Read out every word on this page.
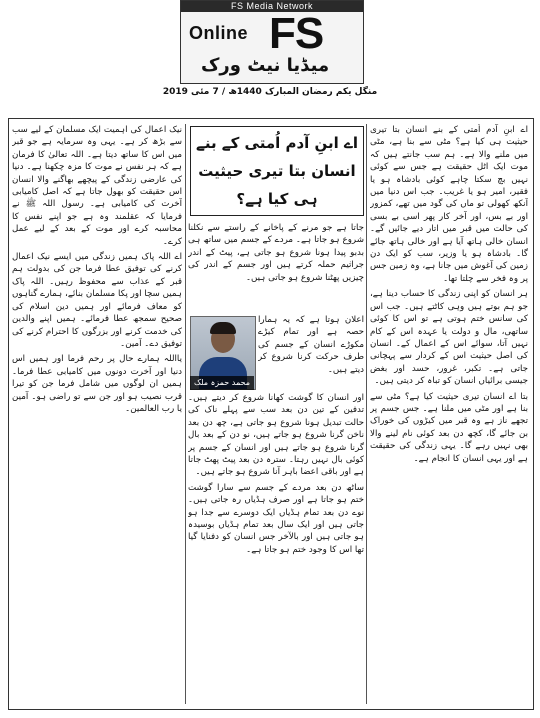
FS Media Network
Online FS
میڈیا نیٹ ورک
منگل یکم رمضان المبارک 1440ھ / 7 مئی 2019

اے ابنِ آدم اُمتی کے بنے انسان بتا تیری حیثیت ہی کیا ہے؟ مٹی سے بنا ہے، مٹی میں ملنے والا ہے۔ ہم سب جانتے ہیں کہ موت ایک اٹل حقیقت ہے جس سے کوئی نہیں بچ سکتا چاہے کوئی بادشاہ ہو یا فقیر، امیر ہو یا غریب۔ جب اس دنیا میں آنکھ کھولی تو ماں کی گود میں تھے، کمزور اور بے بس، اور آخر کار پھر اسی بے بسی کی حالت میں قبر میں اتار دیے جائیں گے۔ انسان خالی ہاتھ آیا ہے اور خالی ہاتھ جائے گا۔ بادشاہ ہو یا وزیر، سب کو ایک دن زمین کی آغوش میں جانا ہے، وہ زمین جس پر وہ فخر سے چلتا تھا۔

ہر انسان کو اپنی زندگی کا حساب دینا ہے، جو ہم بوتے ہیں وہی کاٹتے ہیں۔ جب اس کی سانس ختم ہوتی ہے تو اس کا کوئی ساتھی، مال و دولت یا عہدہ اس کے کام نہیں آتا، سوائے اس کے اعمال کے۔ انسان کی اصل حیثیت اس کے کردار سے پہچانی جاتی ہے۔ تکبر، غرور، حسد اور بغض جیسی برائیاں انسان کو تباہ کر دیتی ہیں۔

بتا اے انسان تیری حیثیت کیا ہے؟ مٹی سے بنا ہے اور مٹی میں ملنا ہے۔ جس جسم پر تجھے ناز ہے وہ قبر میں کیڑوں کی خوراک بن جائے گا، کچھ دن بعد کوئی نام لینے والا بھی نہیں رہے گا۔ یہی زندگی کی حقیقت ہے اور یہی انسان کا انجام ہے۔

اے ابنِ آدم اُمتی کے بنے انسان بتا تیری حیثیت ہی کیا ہے؟
جاتا ہے جو مرنے کے پاخانے کے راستے سے نکلنا شروع ہو جاتا ہے۔ مردے کے جسم میں ساتھ ہی بدبو پیدا ہونا شروع ہو جاتی ہے، پیٹ کے اندر جراثیم حملہ کرتے ہیں اور جسم کے اندر کی چیزیں پھٹنا شروع ہو جاتی ہیں۔
محمد حمزہ ملک
اعلان ہوتا ہے کہ یہ ہمارا حصہ ہے اور تمام کیڑے مکوڑے انسان کے جسم کی طرف حرکت کرنا شروع کر دیتے ہیں۔

اور انسان کا گوشت کھانا شروع کر دیتے ہیں۔ تدفین کے تین دن بعد سب سے پہلے ناک کی حالت تبدیل ہونا شروع ہو جاتی ہے، چھ دن بعد ناخن گرنا شروع ہو جاتے ہیں، نو دن کے بعد بال گرنا شروع ہو جاتے ہیں اور انسان کے جسم پر کوئی بال نہیں رہتا۔ سترہ دن بعد پیٹ پھٹ جاتا ہے اور باقی اعضا باہر آنا شروع ہو جاتے ہیں۔

ساٹھ دن بعد مردے کے جسم سے سارا گوشت ختم ہو جاتا ہے اور صرف ہڈیاں رہ جاتی ہیں۔ نوے دن بعد تمام ہڈیاں ایک دوسرے سے جدا ہو جاتی ہیں اور ایک سال بعد تمام ہڈیاں بوسیدہ ہو جاتی ہیں اور بالآخر جس انسان کو دفنایا گیا تھا اس کا وجود ختم ہو جاتا ہے۔

نیک اعمال کی اہمیت ایک مسلمان کے لیے سب سے بڑھ کر ہے۔ یہی وہ سرمایہ ہے جو قبر میں اس کا ساتھ دیتا ہے۔ اللہ تعالیٰ کا فرمان ہے کہ ہر نفس نے موت کا مزہ چکھنا ہے۔ دنیا کی عارضی زندگی کے پیچھے بھاگنے والا انسان اس حقیقت کو بھول جاتا ہے کہ اصل کامیابی آخرت کی کامیابی ہے۔ رسول اللہ ﷺ نے فرمایا کہ عقلمند وہ ہے جو اپنے نفس کا محاسبہ کرے اور موت کے بعد کے لیے عمل کرے۔

اے اللہ پاک ہمیں زندگی میں ایسے نیک اعمال کرنے کی توفیق عطا فرما جن کی بدولت ہم قبر کے عذاب سے محفوظ رہیں۔ اللہ پاک ہمیں سچا اور پکا مسلمان بنائے، ہمارے گناہوں کو معاف فرمائے اور ہمیں دین اسلام کی صحیح سمجھ عطا فرمائے۔ ہمیں اپنے والدین کی خدمت کرنے اور بزرگوں کا احترام کرنے کی توفیق دے۔ آمین۔

یااللہ ہمارے حال پر رحم فرما اور ہمیں اس دنیا اور آخرت دونوں میں کامیابی عطا فرما۔ ہمیں ان لوگوں میں شامل فرما جن کو تیرا قرب نصیب ہو اور جن سے تو راضی ہو۔ آمین یا رب العالمین۔
